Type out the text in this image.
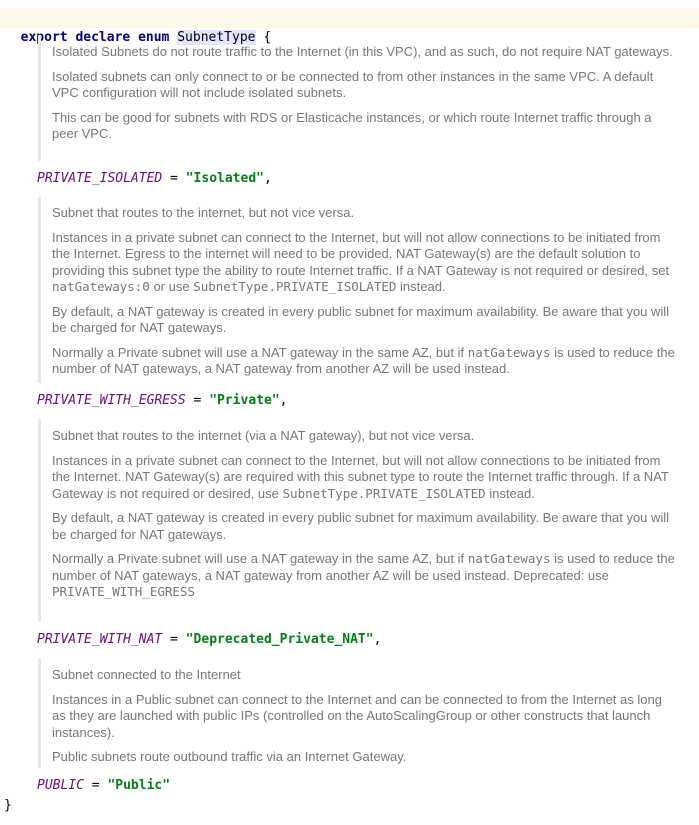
export declare enum SubnetType {

Isolated Subnets do not route traffic to the Internet (in this VPC), and as such, do not require NAT gateways.

Isolated subnets can only connect to or be connected to from other instances in the same VPC. A default VPC configuration will not include isolated subnets.

This can be good for subnets with RDS or Elasticache instances, or which route Internet traffic through a peer VPC.

PRIVATE_ISOLATED = "Isolated",

Subnet that routes to the internet, but not vice versa.

Instances in a private subnet can connect to the Internet, but will not allow connections to be initiated from the Internet. Egress to the internet will need to be provided. NAT Gateway(s) are the default solution to providing this subnet type the ability to route Internet traffic. If a NAT Gateway is not required or desired, set natGateways:0 or use SubnetType.PRIVATE_ISOLATED instead.

By default, a NAT gateway is created in every public subnet for maximum availability. Be aware that you will be charged for NAT gateways.

Normally a Private subnet will use a NAT gateway in the same AZ, but if natGateways is used to reduce the number of NAT gateways, a NAT gateway from another AZ will be used instead.

PRIVATE_WITH_EGRESS = "Private",

Subnet that routes to the internet (via a NAT gateway), but not vice versa.

Instances in a private subnet can connect to the Internet, but will not allow connections to be initiated from the Internet. NAT Gateway(s) are required with this subnet type to route the Internet traffic through. If a NAT Gateway is not required or desired, use SubnetType.PRIVATE_ISOLATED instead.

By default, a NAT gateway is created in every public subnet for maximum availability. Be aware that you will be charged for NAT gateways.

Normally a Private subnet will use a NAT gateway in the same AZ, but if natGateways is used to reduce the number of NAT gateways, a NAT gateway from another AZ will be used instead. Deprecated: use PRIVATE_WITH_EGRESS

PRIVATE_WITH_NAT = "Deprecated_Private_NAT",

Subnet connected to the Internet

Instances in a Public subnet can connect to the Internet and can be connected to from the Internet as long as they are launched with public IPs (controlled on the AutoScalingGroup or other constructs that launch instances).

Public subnets route outbound traffic via an Internet Gateway.

PUBLIC = "Public"
}
